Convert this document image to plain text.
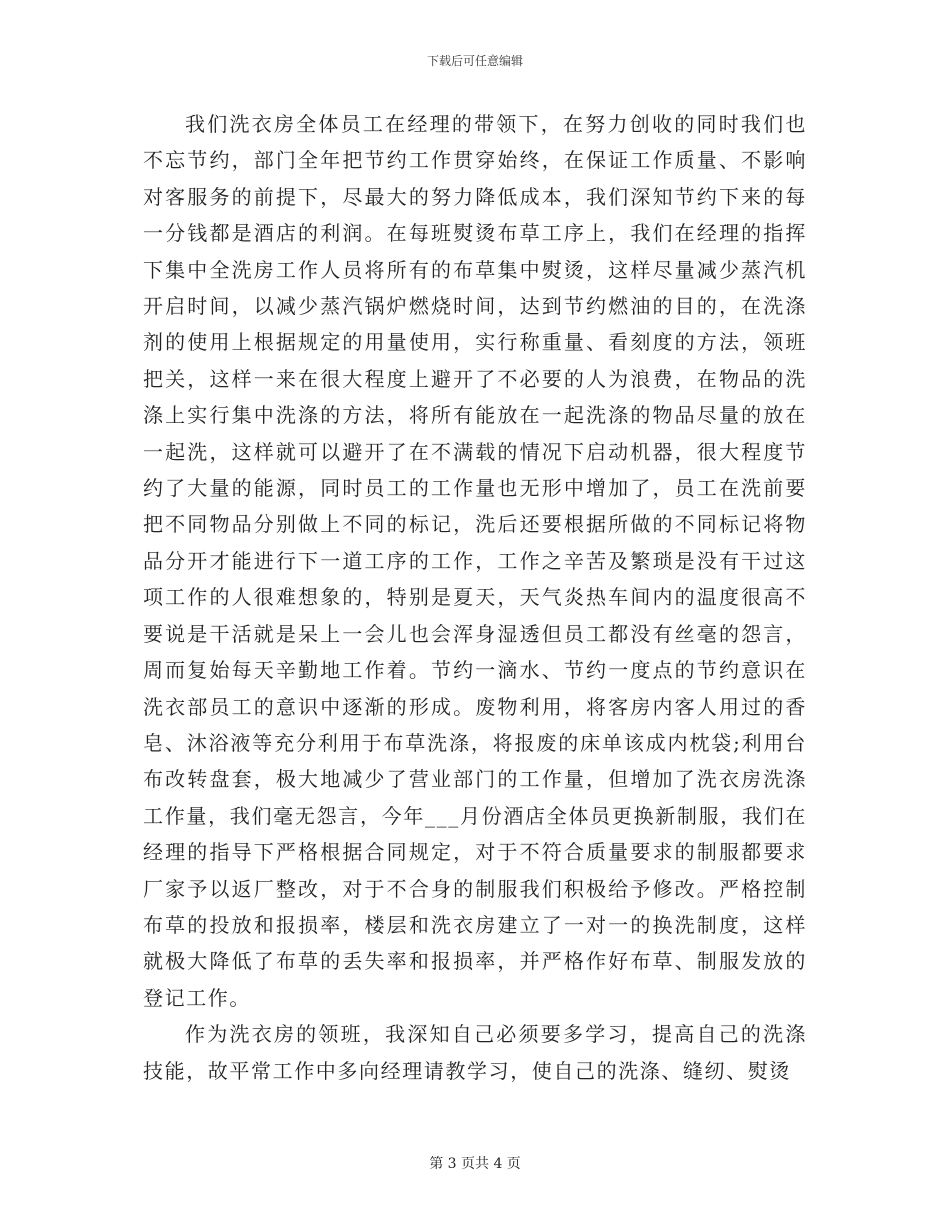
下载后可任意编辑

我们洗衣房全体员工在经理的带领下，在努力创收的同时我们也不忘节约，部门全年把节约工作贯穿始终，在保证工作质量、不影响对客服务的前提下，尽最大的努力降低成本，我们深知节约下来的每一分钱都是酒店的利润。在每班熨烫布草工序上，我们在经理的指挥下集中全洗房工作人员将所有的布草集中熨烫，这样尽量减少蒸汽机开启时间，以减少蒸汽锅炉燃烧时间，达到节约燃油的目的，在洗涤剂的使用上根据规定的用量使用，实行称重量、看刻度的方法，领班把关，这样一来在很大程度上避开了不必要的人为浪费，在物品的洗涤上实行集中洗涤的方法，将所有能放在一起洗涤的物品尽量的放在一起洗，这样就可以避开了在不满载的情况下启动机器，很大程度节约了大量的能源，同时员工的工作量也无形中增加了，员工在洗前要把不同物品分别做上不同的标记，洗后还要根据所做的不同标记将物品分开才能进行下一道工序的工作，工作之辛苦及繁琐是没有干过这项工作的人很难想象的，特别是夏天，天气炎热车间内的温度很高不要说是干活就是呆上一会儿也会浑身湿透但员工都没有丝毫的怨言，周而复始每天辛勤地工作着。节约一滴水、节约一度点的节约意识在洗衣部员工的意识中逐渐的形成。废物利用，将客房内客人用过的香皂、沐浴液等充分利用于布草洗涤，将报废的床单该成内枕袋;利用台布改转盘套，极大地减少了营业部门的工作量，但增加了洗衣房洗涤工作量，我们毫无怨言，今年___月份酒店全体员更换新制服，我们在经理的指导下严格根据合同规定，对于不符合质量要求的制服都要求厂家予以返厂整改，对于不合身的制服我们积极给予修改。严格控制布草的投放和报损率，楼层和洗衣房建立了一对一的换洗制度，这样就极大降低了布草的丢失率和报损率，并严格作好布草、制服发放的登记工作。

作为洗衣房的领班，我深知自己必须要多学习，提高自己的洗涤技能，故平常工作中多向经理请教学习，使自己的洗涤、缝纫、熨烫

第 3 页共 4 页
